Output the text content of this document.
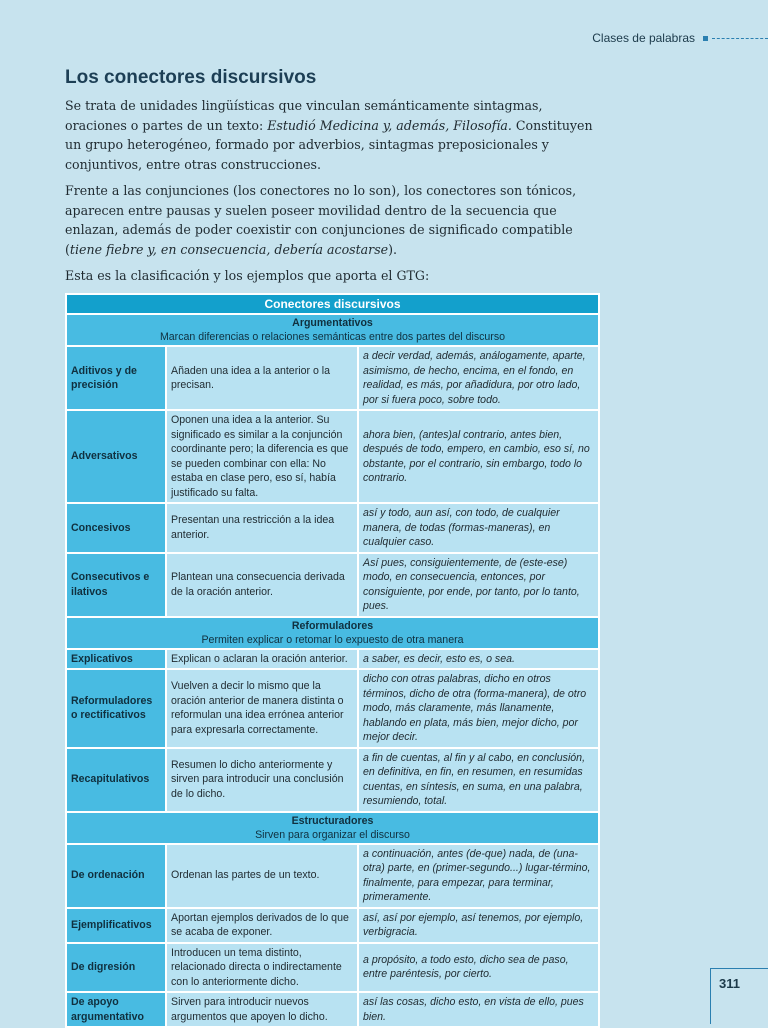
Clases de palabras
Los conectores discursivos

Se trata de unidades lingüísticas que vinculan semánticamente sintagmas, oraciones o partes de un texto: Estudió Medicina y, además, Filosofía. Constituyen un grupo heterogéneo, formado por adverbios, sintagmas preposicionales y conjuntivos, entre otras construcciones.

Frente a las conjunciones (los conectores no lo son), los conectores son tónicos, aparecen entre pausas y suelen poseer movilidad dentro de la secuencia que enlazan, además de poder coexistir con conjunciones de significado compatible (tiene fiebre y, en consecuencia, debería acostarse).

Esta es la clasificación y los ejemplos que aporta el GTG:

Conectores discursivos		

Argumentativos
Marcan diferencias o relaciones semánticas entre dos partes del discurso		

Aditivos y de precisión	Añaden una idea a la anterior o la precisan.	a decir verdad, además, análogamente, aparte, asimismo, de hecho, encima, en el fondo, en realidad, es más, por añadidura, por otro lado, por si fuera poco, sobre todo.
Adversativos	Oponen una idea a la anterior. Su significado es similar a la conjunción coordinante pero; la diferencia es que se pueden combinar con ella: No estaba en clase pero, eso sí, había justificado su falta.	ahora bien, (antes)al contrario, antes bien, después de todo, empero, en cambio, eso sí, no obstante, por el contrario, sin embargo, todo lo contrario.
Concesivos	Presentan una restricción a la idea anterior.	así y todo, aun así, con todo, de cualquier manera, de todas (formas-maneras), en cualquier caso.
Consecutivos e ilativos	Plantean una consecuencia derivada de la oración anterior.	Así pues, consiguientemente, de (este-ese) modo, en consecuencia, entonces, por consiguiente, por ende, por tanto, por lo tanto, pues.

Reformuladores
Permiten explicar o retomar lo expuesto de otra manera		

Explicativos	Explican o aclaran la oración anterior.	a saber, es decir, esto es, o sea.
Reformuladores o rectificativos	Vuelven a decir lo mismo que la oración anterior de manera distinta o reformulan una idea errónea anterior para expresarla correctamente.	dicho con otras palabras, dicho en otros términos, dicho de otra (forma-manera), de otro modo, más claramente, más llanamente, hablando en plata, más bien, mejor dicho, por mejor decir.
Recapitulativos	Resumen lo dicho anteriormente y sirven para introducir una conclusión de lo dicho.	a fin de cuentas, al fin y al cabo, en conclusión, en definitiva, en fin, en resumen, en resumidas cuentas, en síntesis, en suma, en una palabra, resumiendo, total.

Estructuradores
Sirven para organizar el discurso		

De ordenación	Ordenan las partes de un texto.	a continuación, antes (de-que) nada, de (una-otra) parte, en (primer-segundo...) lugar-término, finalmente, para empezar, para terminar, primeramente.
Ejemplificativos	Aportan ejemplos derivados de lo que se acaba de exponer.	así, así por ejemplo, así tenemos, por ejemplo, verbigracia.
De digresión	Introducen un tema distinto, relacionado directa o indirectamente con lo anteriormente dicho.	a propósito, a todo esto, dicho sea de paso, entre paréntesis, por cierto.
De apoyo argumentativo	Sirven para introducir nuevos argumentos que apoyen lo dicho.	así las cosas, dicho esto, en vista de ello, pues bien.
311
